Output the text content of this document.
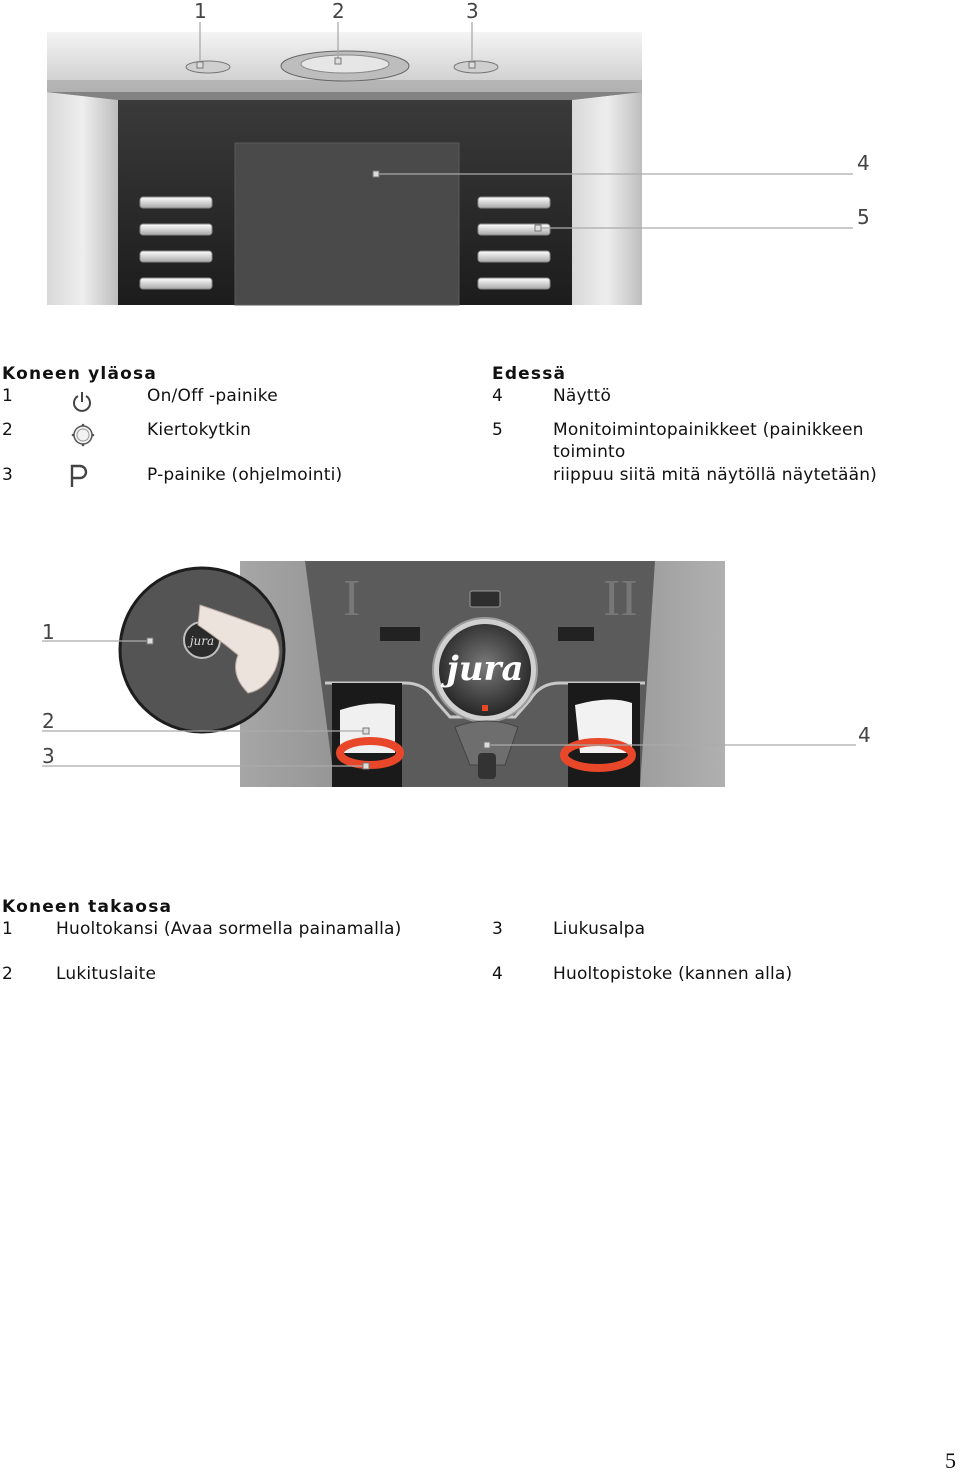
1	2	3
4
5
Koneen yläosa
1	On/Off -painike
2	Kiertokytkin
3	P-painike (ohjelmointi)
Edessä
4	Näyttö
5	Monitoimintopainikkeet (painikkeen
toiminto
riippuu siitä mitä näytöllä näytetään)
I	II
jura
jura
1
2
3
4
Koneen takaosa
1	Huoltokansi (Avaa sormella painamalla)
2	Lukituslaite
3	Liukusalpa
4	Huoltopistoke (kannen alla)
5
